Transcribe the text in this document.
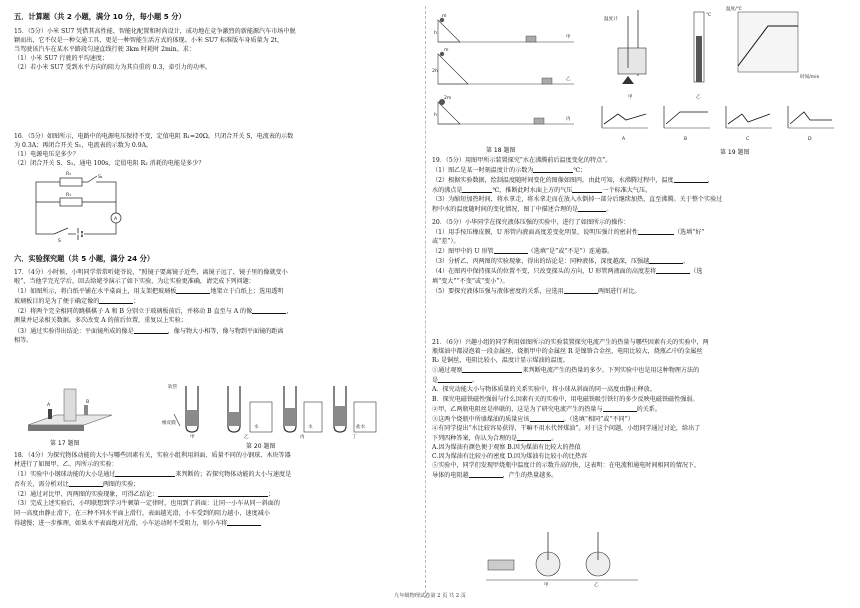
五．计算题（共 2 小题，满分 10 分，每小题 5 分）

15．（5分）小米 SU7 凭借其高性能、智能化配置和时尚设计，成功地在竞争激烈的新能源汽车市场中脱

颖而出，它不仅是一种交通工具，更是一种智能生活方式的体现。小米 SU7 标准版车身质量为 2t，

当驾驶该汽车在某水平路段匀速直线行驶 3km 时耗时 2min。求：

（1）小米 SU7 行驶的平均速度；

（2）若小米 SU7 受到水平方向的阻力为其自重的 0.3，牵引力的功率。

16．（5分）如图所示，电路中的电源电压保持不变，定值电阻 R₁=20Ω。只闭合开关 S，电流表的示数

为 0.3A；再闭合开关 S₁，电流表的示数为 0.9A。

（1）电源电压是多少？

（2）闭合开关 S、S₁，通电 100s，定值电阻 R₂ 消耗的电能是多少？

A
R₂
R₁
S₁
S
六．实验探究题（共 5 小题，满分 24 分）

17．（4分）小时候，小明同学常常听姥爷说，“照镜子要离镜子近些，离镜子远了，镜子里的像就变小

啦”，当他学完光学后，回去给姥爷演示了如下实验，为让实验更准确，请完成下列问题：

（1）如图所示，将白纸平铺在水平桌面上，用支架把玻璃板	地架立于白纸上；选用透明

玻璃板目的是为了便于确定像的	；

（2）将两个完全相同的跳棋棋子 A 和 B 分别立于玻璃板前后，并移动 B 直至与 A 的像	，

测量并记录相关数据。多次改变 A 的前后位置，重复以上实验；

（3）通过实验得出结论：平面镜所成的像是	，像与物大小相等，像与物到平面镜的距离

相等。

A
B
第 17 题图
软管
橡皮膜
甲
水
乙
水
丙
盐水
丁
第 20 题图

18．（4分）为探究物体动能的大小与哪些因素有关，实验小组利用斜面、质量不同的小钢球、木块等器

材进行了如图甲、乙、丙所示的实验：

（1）实验中小钢球动能的大小是通过	来判断的；若探究物体动能的大小与速度是

否有关，需分析对比	两图的实验；

（2）通过对比甲、丙两图的实验现象，可得乙结论：	；

（3）完成上述实验后，小明联想到学习牛顿第一定律时，也用到了斜面：让同一小车从同一斜面的

同一高度由静止滑下，在三种不同水平面上滑行，表面越光滑，小车受到的阻力越小，速度减小

得越慢；进一步推理，如果水平表面绝对光滑，小车运动时不受阻力，则小车将

h
m
甲
2h
m
乙
h
2m
丙
第 18 题图
温度计
甲
℃
乙
温度/℃
时间/min
A	B	C	D
第 19 题图

19．（5分）用图甲所示装置探究“水在沸腾前后温度变化的特点”。

（1）图乙是某一时刻温度计的示数为	℃；

（2）根据实验数据，绘制温度随时间变化的图像如图丙。由此可知，水沸腾过程中，温度	，

水的沸点是	℃，推断此时水面上方的气压	一个标准大气压。

（3）为缩短加热时间，将水拿走，将水拿走而在放入水倒掉一部分后继续加热，直至沸腾。关于整个实验过

程中水的温度随时间的变化情况，图丁中描述合理的是	。

20．（5分）小华同学在探究液体压强的实验中，进行了如图所示的操作：

（1）用手按压橡皮膜，U 形管内液面高度差变化明显，说明压强计的密封性	（选填“好”

或“差”）。

（2）图甲中的 U 形管	（选填“是”或“不是”）连通器。

（3）分析乙、丙两图的实验现象，得出的结论是：同种液体，深度越深，压强越	。

（4）在图丙中保持探头的位置不变，只改变探头的方向，U 形管两液面的高度差将	（选

填“变大”“不变”或“变小”）。

（5）要探究液体压强与液体密度的关系，应选用	两图进行对比。

21．（6分）兴趣小组的同学利用如图所示的实验装置探究电流产生的热量与哪些因素有关的实验中，两

瓶煤油中都浸泡着一段金属丝，烧瓶甲中的金属丝 R 是镍铬合金丝，电阻比较大，烧瓶乙中的金属丝

R₂ 是铜丝，电阻比较小，温度计显示煤油的温度。

①通过观察	来判断电流产生的热量的多少。下列实验中也是用这种物理方法的

是	。

A．探究动能大小与物体质量的关系实验中，将小球从斜面的同一高度由静止释放。

B．探究电磁铁磁性强弱与什么因素有关的实验中，用电磁铁吸引铁钉的多少反映电磁铁磁性强弱。

②甲、乙两瓶电阻丝是串联的，这是为了研究电流产生的热量与	的关系。

③这两个烧瓶中所盛煤油的质量应该	。（选填“相同”或“不同”）

④有同学提出“水比较容易获得，干嘛不用水代替煤油”。对于这个问题，小组同学通过讨论，给出了

下列四种答案，你认为合理的是	。

A.因为煤油有颜色便于观察 B.因为煤油有比较大的热值

C.因为煤油有比较小的密度 D.因为煤油有比较小的比热容

⑤实验中，同学们发现甲烧瓶中温度计的示数升高的快，这表明：在电流和通电时间相同的情况下，

导体的电阻越	，产生的热量越多。

甲	乙
九年级物理试卷第 2 页 共 2 页
